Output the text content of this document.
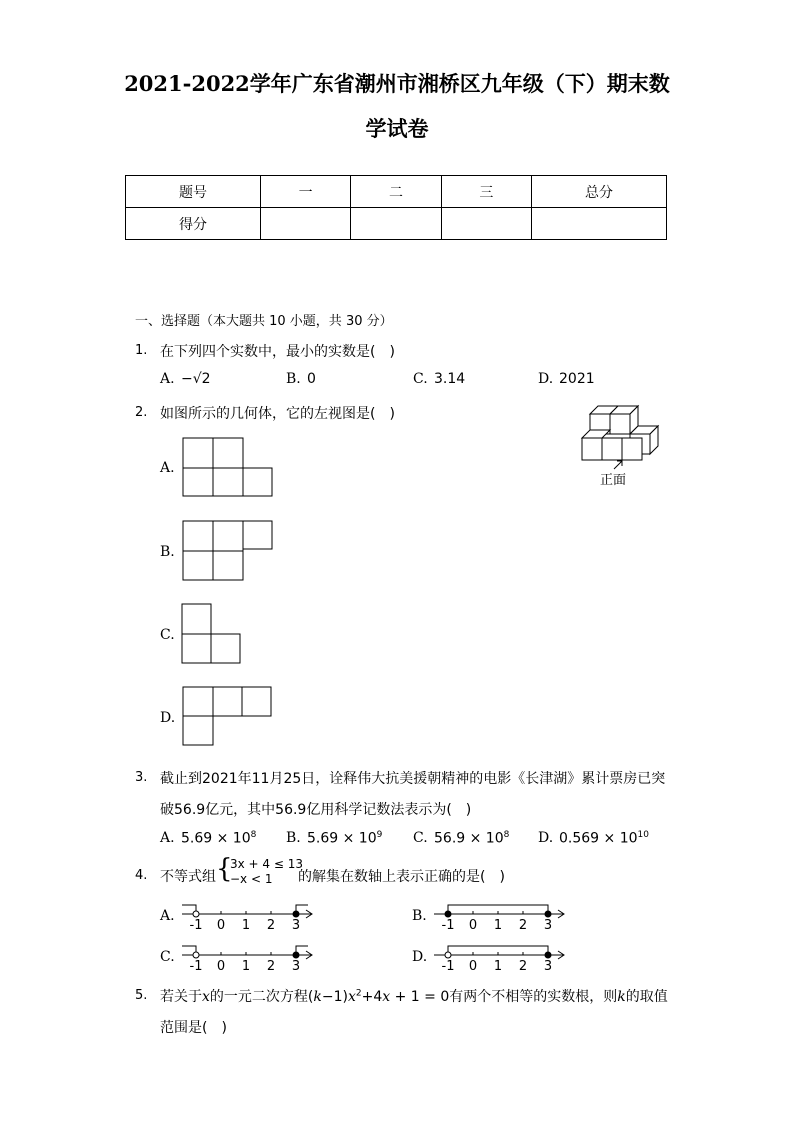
2021-2022学年广东省潮州市湘桥区九年级（下）期末数
学试卷
题号	一	二	三	总分
得分				
一、选择题（本大题共 10 小题，共 30 分）
1. 在下列四个实数中，最小的实数是(　)
A. −√2	B. 0	C. 3.14	D. 2021
2. 如图所示的几何体，它的左视图是(　)
正面
A.
B.
C.
D.
3. 截止到2021年11月25日，诠释伟大抗美援朝精神的电影《长津湖》累计票房已突
破56.9亿元，其中56.9亿用科学记数法表示为(　)
A. $5.69 \times 10^8$ B. $5.69 \times 10^9$ C. $56.9 \times 10^8$ D. $0.569 \times 10^{10}$
4. 不等式组 {
3x + 4 ≤ 13
−x < 1 的解集在数轴上表示正确的是(　)
A.	B.
C.	D.
-1 0 1 2 3	-1 0 1 2 3
-1 0 1 2 3	-1 0 1 2 3
5. 若关于x的一元二次方程$(k-1)x^2+4x + 1 = 0$有两个不相等的实数根，则k的取值
范围是(　)
